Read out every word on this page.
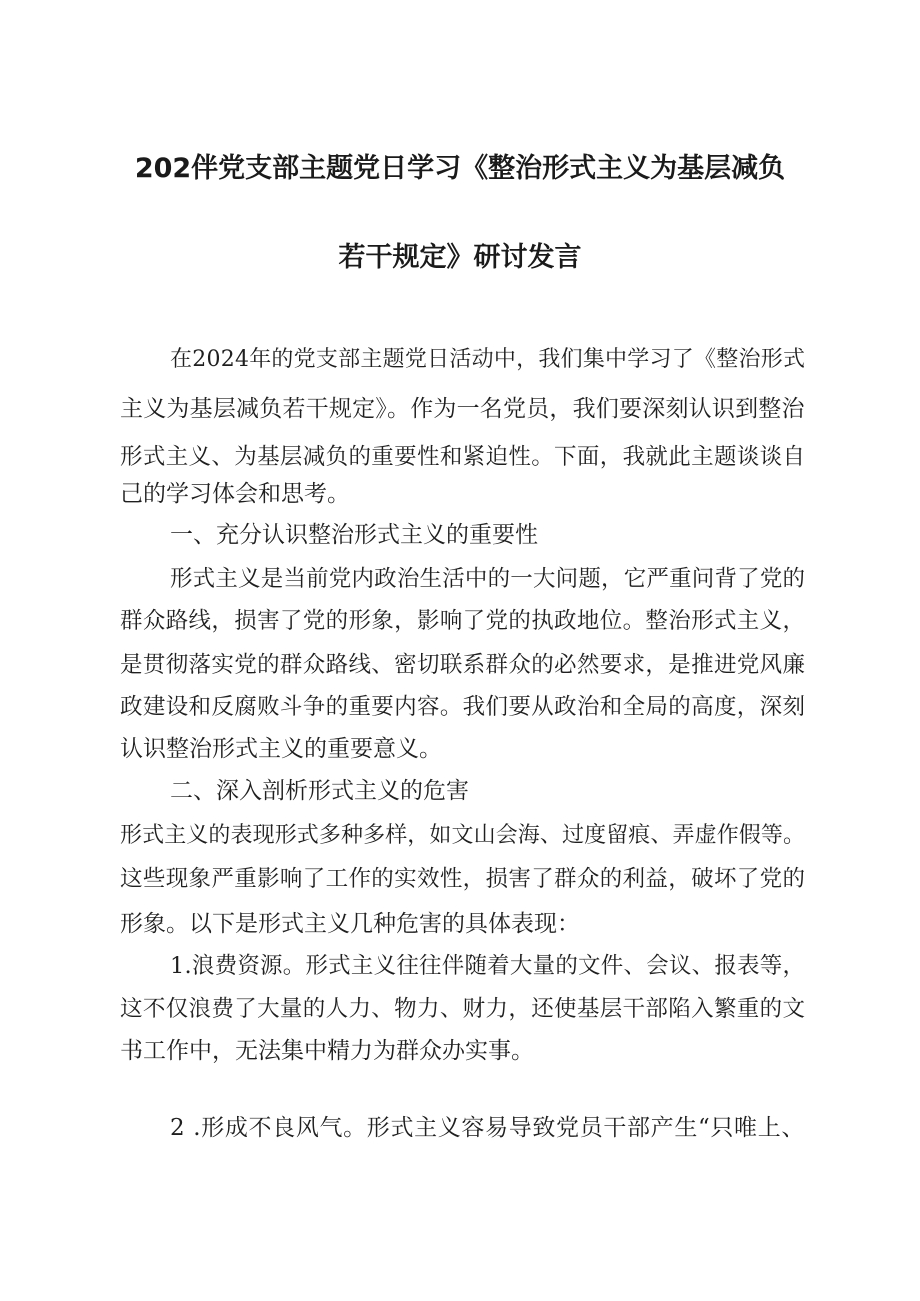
202伴党支部主题党日学习《整治形式主义为基层减负
若干规定》研讨发言
在2024年的党支部主题党日活动中，我们集中学习了《整治形式
主义为基层减负若干规定》。作为一名党员，我们要深刻认识到整治
形式主义、为基层减负的重要性和紧迫性。下面，我就此主题谈谈自
己的学习体会和思考。
一、充分认识整治形式主义的重要性
形式主义是当前党内政治生活中的一大问题，它严重问背了党的
群众路线，损害了党的形象，影响了党的执政地位。整治形式主义，
是贯彻落实党的群众路线、密切联系群众的必然要求，是推进党风廉
政建设和反腐败斗争的重要内容。我们要从政治和全局的高度，深刻
认识整治形式主义的重要意义。
二、深入剖析形式主义的危害
形式主义的表现形式多种多样，如文山会海、过度留痕、弄虚作假等。
这些现象严重影响了工作的实效性，损害了群众的利益，破坏了党的
形象。以下是形式主义几种危害的具体表现：
1.浪费资源。形式主义往往伴随着大量的文件、会议、报表等，
这不仅浪费了大量的人力、物力、财力，还使基层干部陷入繁重的文
书工作中，无法集中精力为群众办实事。
2 .形成不良风气。形式主义容易导致党员干部产生“只唯上、
